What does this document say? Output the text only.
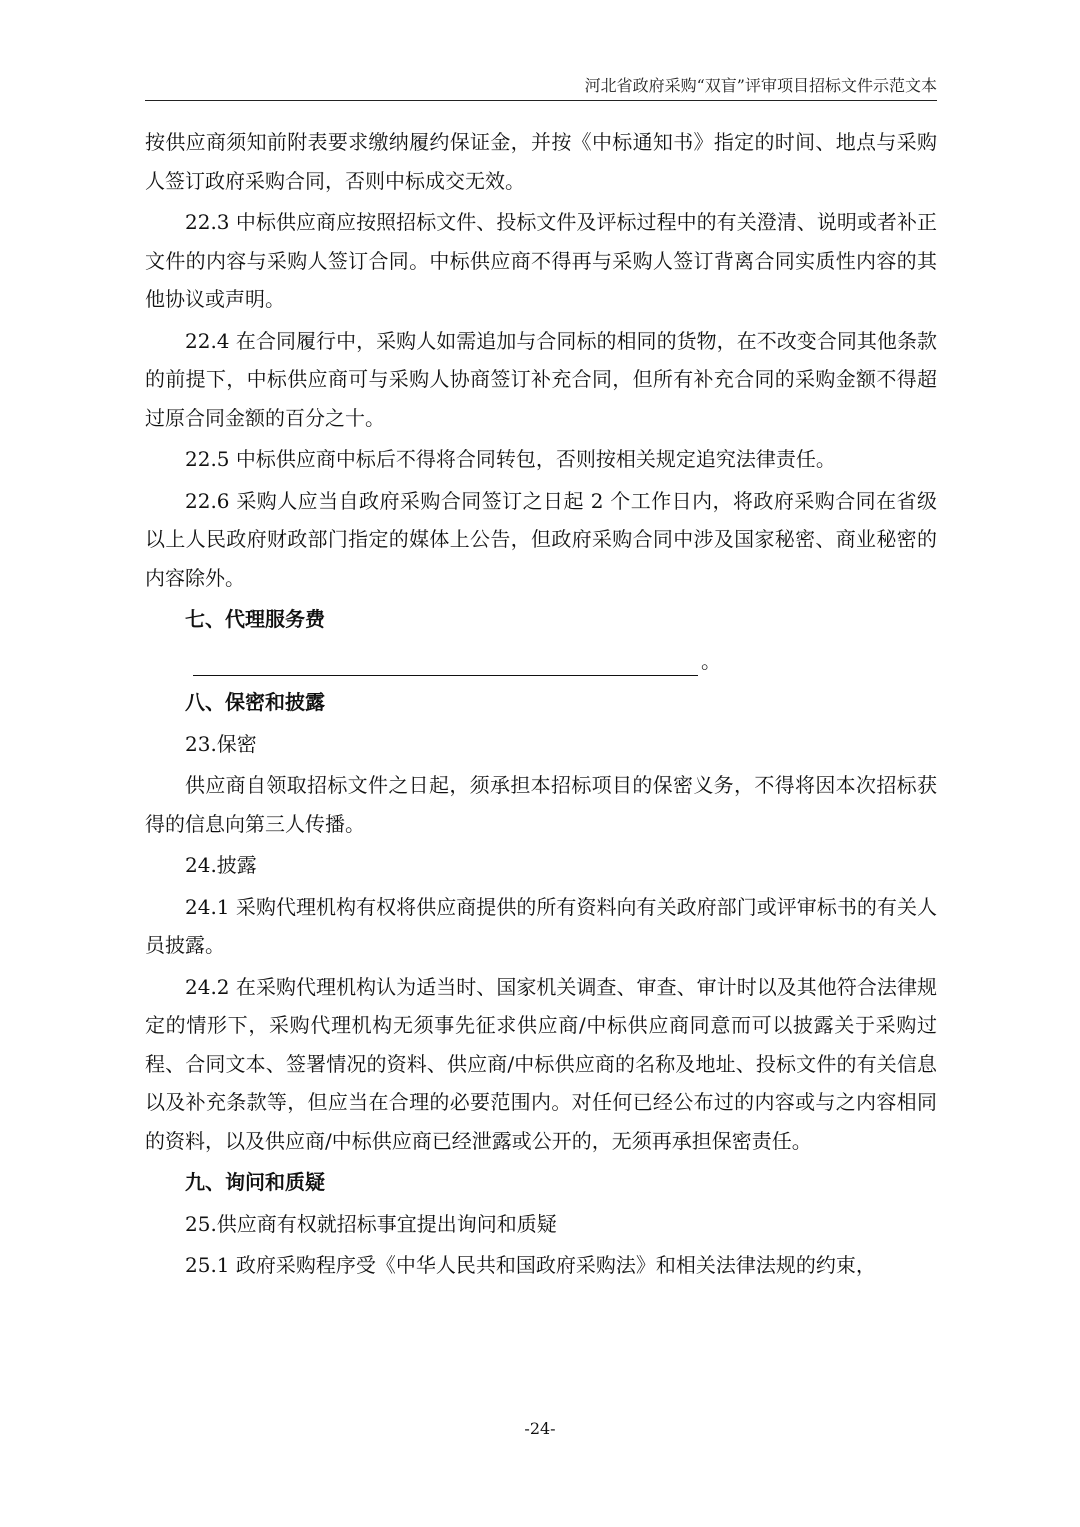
河北省政府采购“双盲”评审项目招标文件示范文本

按供应商须知前附表要求缴纳履约保证金，并按《中标通知书》指定的时间、地点与采购人签订政府采购合同，否则中标成交无效。

22.3 中标供应商应按照招标文件、投标文件及评标过程中的有关澄清、说明或者补正文件的内容与采购人签订合同。中标供应商不得再与采购人签订背离合同实质性内容的其他协议或声明。

22.4 在合同履行中，采购人如需追加与合同标的相同的货物，在不改变合同其他条款的前提下，中标供应商可与采购人协商签订补充合同，但所有补充合同的采购金额不得超过原合同金额的百分之十。

22.5 中标供应商中标后不得将合同转包，否则按相关规定追究法律责任。

22.6 采购人应当自政府采购合同签订之日起 2 个工作日内，将政府采购合同在省级以上人民政府财政部门指定的媒体上公告，但政府采购合同中涉及国家秘密、商业秘密的内容除外。

七、代理服务费

。

八、保密和披露

23.保密

供应商自领取招标文件之日起，须承担本招标项目的保密义务，不得将因本次招标获得的信息向第三人传播。

24.披露

24.1 采购代理机构有权将供应商提供的所有资料向有关政府部门或评审标书的有关人员披露。

24.2 在采购代理机构认为适当时、国家机关调查、审查、审计时以及其他符合法律规定的情形下，采购代理机构无须事先征求供应商/中标供应商同意而可以披露关于采购过程、合同文本、签署情况的资料、供应商/中标供应商的名称及地址、投标文件的有关信息以及补充条款等，但应当在合理的必要范围内。对任何已经公布过的内容或与之内容相同的资料，以及供应商/中标供应商已经泄露或公开的，无须再承担保密责任。

九、询问和质疑

25.供应商有权就招标事宜提出询问和质疑

25.1 政府采购程序受《中华人民共和国政府采购法》和相关法律法规的约束，

-24-
